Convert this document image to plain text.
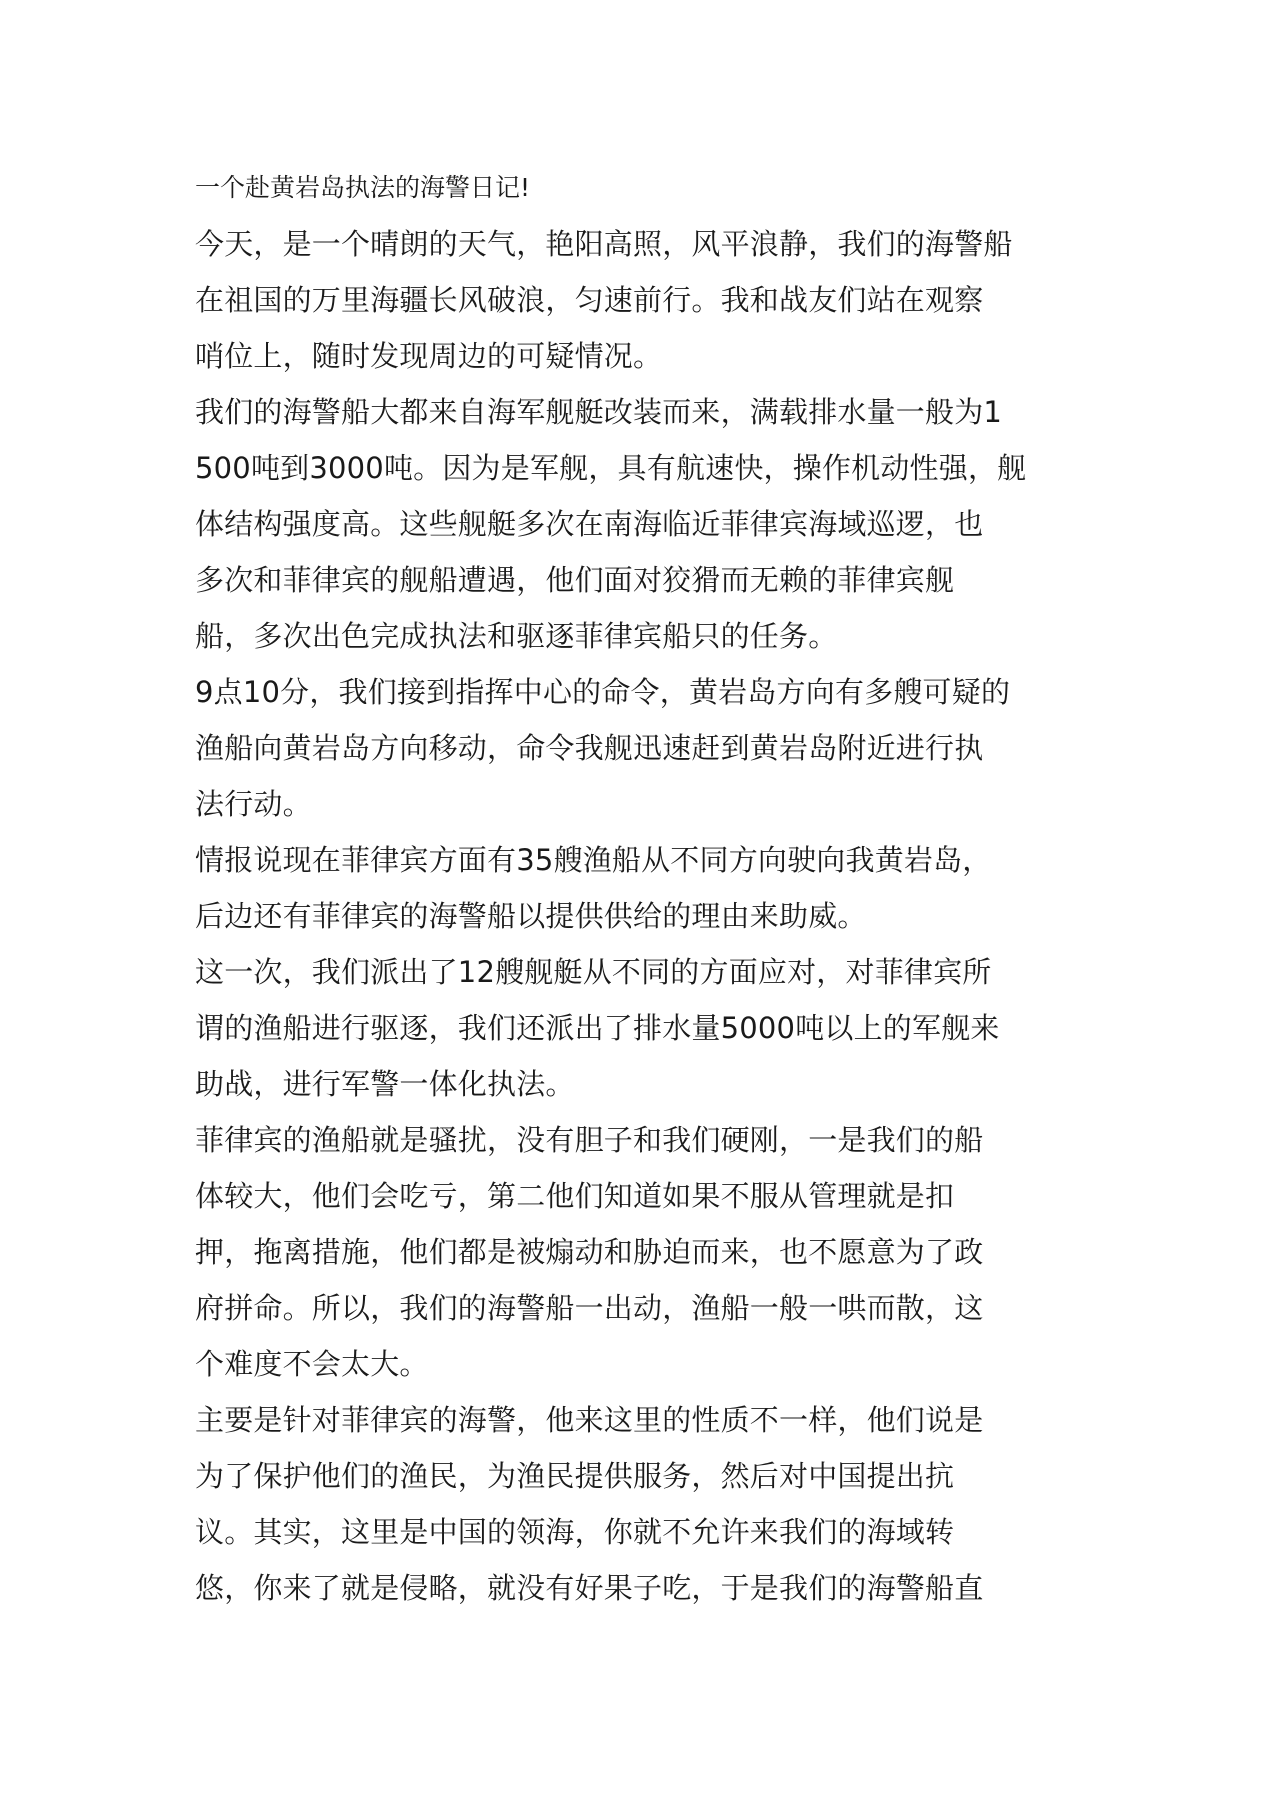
一个赴黄岩岛执法的海警日记!
今天，是一个晴朗的天气，艳阳高照，风平浪静，我们的海警船
在祖国的万里海疆长风破浪，匀速前行。我和战友们站在观察
哨位上，随时发现周边的可疑情况。
我们的海警船大都来自海军舰艇改装而来，满载排水量一般为1
500吨到3000吨。因为是军舰，具有航速快，操作机动性强，舰
体结构强度高。这些舰艇多次在南海临近菲律宾海域巡逻，也
多次和菲律宾的舰船遭遇，他们面对狡猾而无赖的菲律宾舰
船，多次出色完成执法和驱逐菲律宾船只的任务。
9点10分，我们接到指挥中心的命令，黄岩岛方向有多艘可疑的
渔船向黄岩岛方向移动，命令我舰迅速赶到黄岩岛附近进行执
法行动。
情报说现在菲律宾方面有35艘渔船从不同方向驶向我黄岩岛，
后边还有菲律宾的海警船以提供供给的理由来助威。
这一次，我们派出了12艘舰艇从不同的方面应对，对菲律宾所
谓的渔船进行驱逐，我们还派出了排水量5000吨以上的军舰来
助战，进行军警一体化执法。
菲律宾的渔船就是骚扰，没有胆子和我们硬刚，一是我们的船
体较大，他们会吃亏，第二他们知道如果不服从管理就是扣
押，拖离措施，他们都是被煽动和胁迫而来，也不愿意为了政
府拼命。所以，我们的海警船一出动，渔船一般一哄而散，这
个难度不会太大。
主要是针对菲律宾的海警，他来这里的性质不一样，他们说是
为了保护他们的渔民，为渔民提供服务，然后对中国提出抗
议。其实，这里是中国的领海，你就不允许来我们的海域转
悠，你来了就是侵略，就没有好果子吃，于是我们的海警船直
